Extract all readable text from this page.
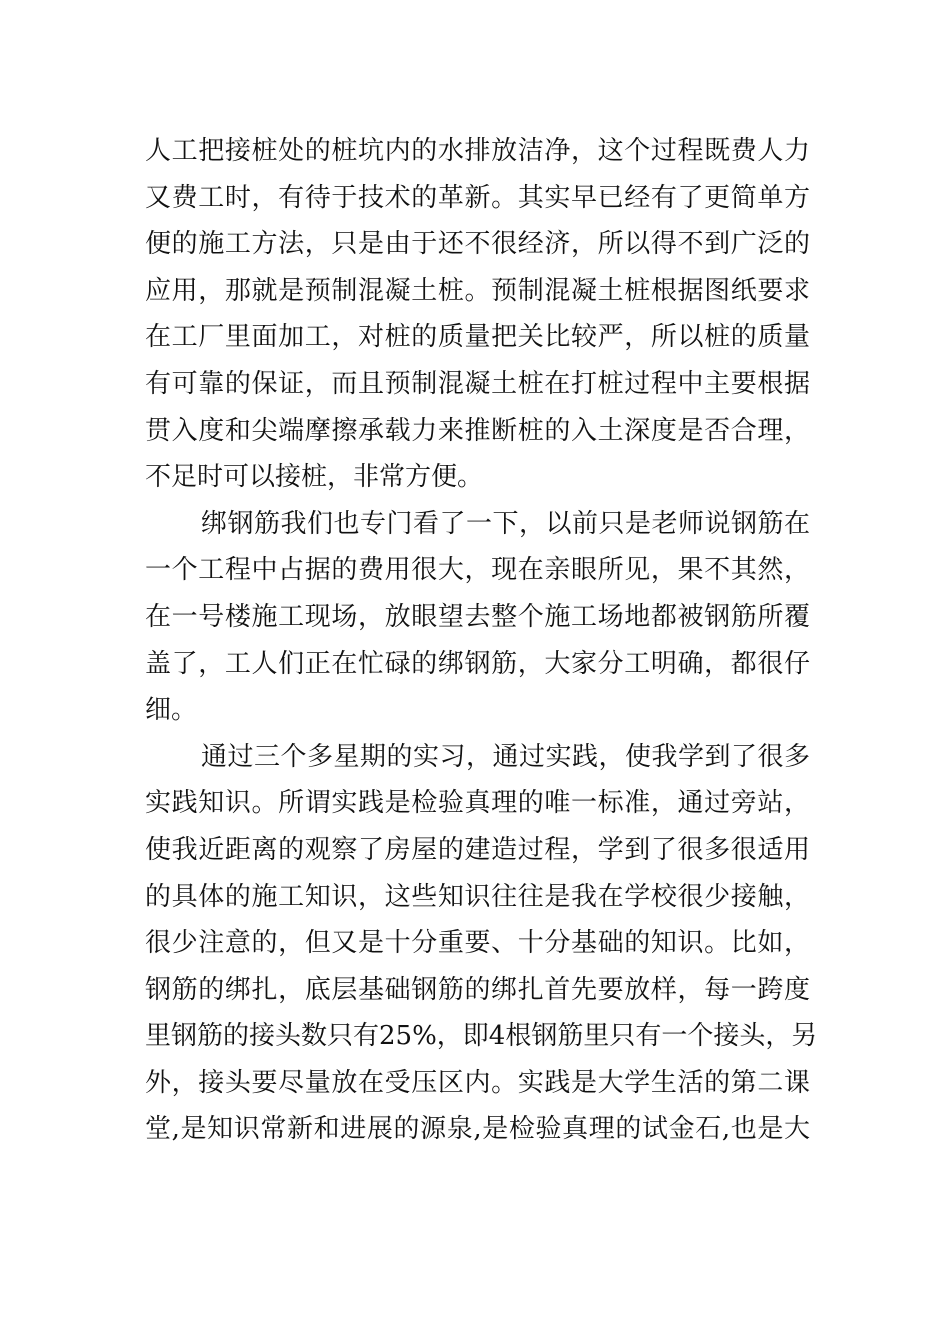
人工把接桩处的桩坑内的水排放洁净，这个过程既费人力
又费工时，有待于技术的革新。其实早已经有了更简单方
便的施工方法，只是由于还不很经济，所以得不到广泛的
应用，那就是预制混凝土桩。预制混凝土桩根据图纸要求
在工厂里面加工，对桩的质量把关比较严，所以桩的质量
有可靠的保证，而且预制混凝土桩在打桩过程中主要根据
贯入度和尖端摩擦承载力来推断桩的入土深度是否合理，
不足时可以接桩，非常方便。
绑钢筋我们也专门看了一下，以前只是老师说钢筋在
一个工程中占据的费用很大，现在亲眼所见，果不其然，
在一号楼施工现场，放眼望去整个施工场地都被钢筋所覆
盖了，工人们正在忙碌的绑钢筋，大家分工明确，都很仔
细。
通过三个多星期的实习，通过实践，使我学到了很多
实践知识。所谓实践是检验真理的唯一标准，通过旁站，
使我近距离的观察了房屋的建造过程，学到了很多很适用
的具体的施工知识，这些知识往往是我在学校很少接触，
很少注意的，但又是十分重要、十分基础的知识。比如，
钢筋的绑扎，底层基础钢筋的绑扎首先要放样，每一跨度
里钢筋的接头数只有25%，即4根钢筋里只有一个接头，另
外，接头要尽量放在受压区内。实践是大学生活的第二课
堂,是知识常新和进展的源泉,是检验真理的试金石,也是大
